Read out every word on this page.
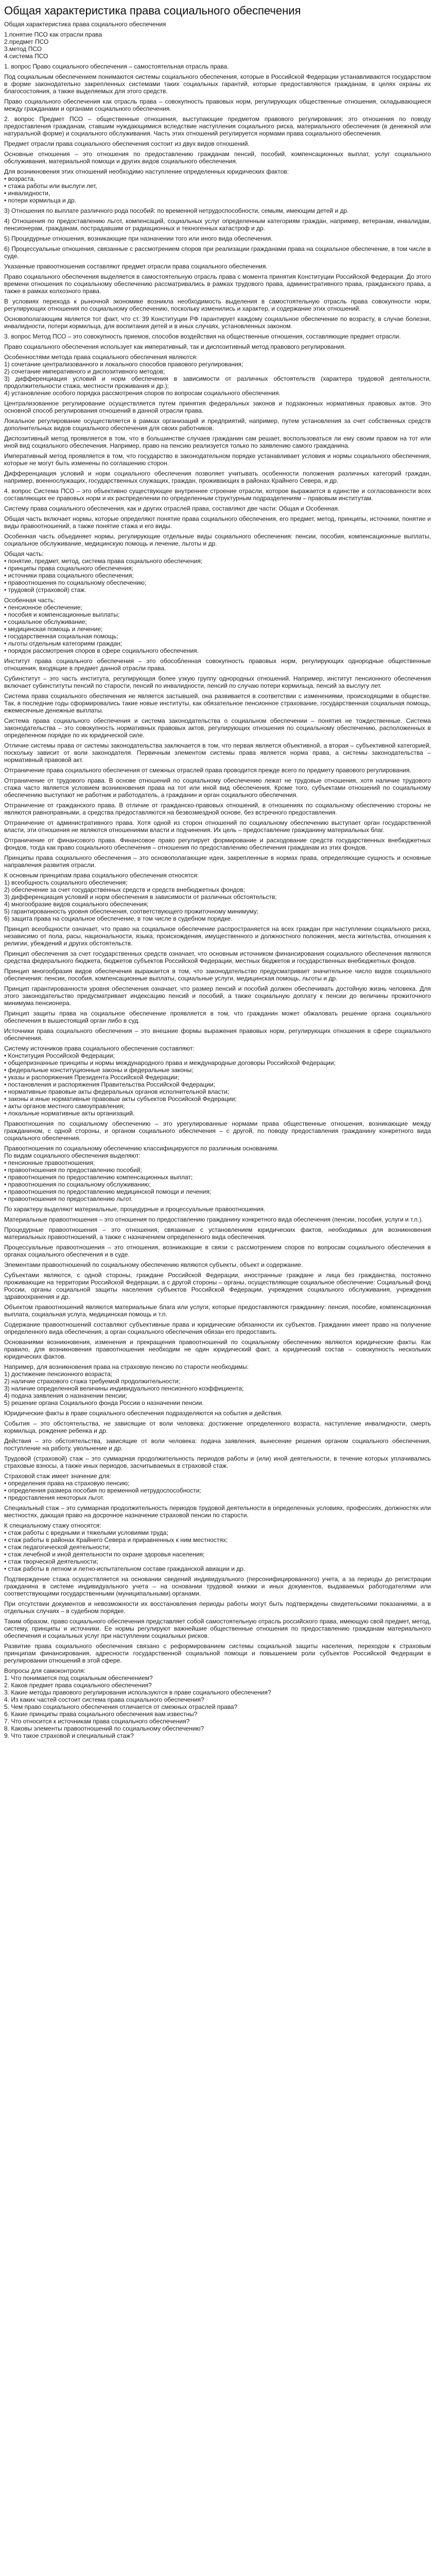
Общая характеристика права социального обеспечения

Общая характеристика права социального обеспечения

1.понятие ПСО как отрасли права
2.предмет ПСО
3.метод ПСО
4.система ПСО

1. вопрос Право социального обеспечения – самостоятельная отрасль права.

Под социальным обеспечением понимаются системы социального обеспечения, которые в Российской Федерации устанавливаются государством в форме законодательно закрепленных системами таких социальных гарантий, которые предоставляются гражданам, в целях охраны их благосостояния, а также выделяемых для этого средств.

Право социального обеспечения как отрасль права – совокупность правовых норм, регулирующих общественные отношения, складывающиеся между гражданами и органами социального обеспечения.

2. вопрос Предмет ПСО – общественные отношения, выступающие предметом правового регулирования; это отношения по поводу предоставления гражданам, ставшим нуждающимися вследствие наступления социального риска, материального обеспечения (в денежной или натуральной форме) и социального обслуживания. Часть этих отношений регулируется нормами права социального обеспечения.

Предмет отрасли права социального обеспечения состоит из двух видов отношений.

Основные отношения – это отношения по предоставлению гражданам пенсий, пособий, компенсационных выплат, услуг социального обслуживания, материальной помощи и других видов социального обеспечения.

Для возникновения этих отношений необходимо наступление определенных юридических фактов:
• возраста,
• стажа работы или выслуги лет,
• инвалидности,
• потери кормильца и др.

3) Отношения по выплате различного рода пособий: по временной нетрудоспособности, семьям, имеющим детей и др.

4) Отношения по предоставлению льгот, компенсаций, социальных услуг определенным категориям граждан, например, ветеранам, инвалидам, пенсионерам, гражданам, пострадавшим от радиационных и техногенных катастроф и др.

5) Процедурные отношения, возникающие при назначении того или иного вида обеспечения.

6) Процессуальные отношения, связанные с рассмотрением споров при реализации гражданами права на социальное обеспечение, в том числе в суде.

Указанные правоотношения составляют предмет отрасли права социального обеспечения.

Право социального обеспечения выделяется в самостоятельную отрасль права с момента принятия Конституции Российской Федерации. До этого времени отношения по социальному обеспечению рассматривались в рамках трудового права, административного права, гражданского права, а также в рамках колхозного права.

В условиях перехода к рыночной экономике возникла необходимость выделения в самостоятельную отрасль права совокупности норм, регулирующих отношения по социальному обеспечению, поскольку изменились и характер, и содержание этих отношений.

Основополагающим является тот факт, что ст. 39 Конституции РФ гарантирует каждому социальное обеспечение по возрасту, в случае болезни, инвалидности, потери кормильца, для воспитания детей и в иных случаях, установленных законом.

3. вопрос Метод ПСО – это совокупность приемов, способов воздействия на общественные отношения, составляющие предмет отрасли.

Право социального обеспечения использует как императивный, так и диспозитивный метод правового регулирования.

Особенностями метода права социального обеспечения являются:
1) сочетание централизованного и локального способов правового регулирования;
2) сочетание императивного и диспозитивного методов;
3) дифференциация условий и норм обеспечения в зависимости от различных обстоятельств (характера трудовой деятельности, продолжительности стажа, местности проживания и др.);
4) установление особого порядка рассмотрения споров по вопросам социального обеспечения.

Централизованное регулирование осуществляется путем принятия федеральных законов и подзаконных нормативных правовых актов. Это основной способ регулирования отношений в данной отрасли права.

Локальное регулирование осуществляется в рамках организаций и предприятий, например, путем установления за счет собственных средств дополнительных видов социального обеспечения для своих работников.

Диспозитивный метод проявляется в том, что в большинстве случаев гражданин сам решает, воспользоваться ли ему своим правом на тот или иной вид социального обеспечения. Например, право на пенсию реализуется только по заявлению самого гражданина.

Императивный метод проявляется в том, что государство в законодательном порядке устанавливает условия и нормы социального обеспечения, которые не могут быть изменены по соглашению сторон.

Дифференциация условий и норм социального обеспечения позволяет учитывать особенности положения различных категорий граждан, например, военнослужащих, государственных служащих, граждан, проживающих в районах Крайнего Севера, и др.

4. вопрос Система ПСО – это объективно существующее внутреннее строение отрасли, которое выражается в единстве и согласованности всех составляющих ее правовых норм и их распределении по определенным структурным подразделениям – правовым институтам.

Систему права социального обеспечения, как и других отраслей права, составляют две части: Общая и Особенная.

Общая часть включает нормы, которые определяют понятие права социального обеспечения, его предмет, метод, принципы, источники, понятие и виды правоотношений, а также понятие стажа и его виды.

Особенная часть объединяет нормы, регулирующие отдельные виды социального обеспечения: пенсии, пособия, компенсационные выплаты, социальное обслуживание, медицинскую помощь и лечение, льготы и др.

Общая часть:
• понятие, предмет, метод, система права социального обеспечения;
• принципы права социального обеспечения;
• источники права социального обеспечения;
• правоотношения по социальному обеспечению;
• трудовой (страховой) стаж.

Особенная часть:
• пенсионное обеспечение;
• пособия и компенсационные выплаты;
• социальное обслуживание;
• медицинская помощь и лечение;
• государственная социальная помощь;
• льготы отдельным категориям граждан;
• порядок рассмотрения споров в сфере социального обеспечения.

Институт права социального обеспечения – это обособленная совокупность правовых норм, регулирующих однородные общественные отношения, входящие в предмет данной отрасли права.

Субинститут – это часть института, регулирующая более узкую группу однородных отношений. Например, институт пенсионного обеспечения включает субинституты пенсий по старости, пенсий по инвалидности, пенсий по случаю потери кормильца, пенсий за выслугу лет.

Система права социального обеспечения не является застывшей, она развивается в соответствии с изменениями, происходящими в обществе. Так, в последние годы сформировались такие новые институты, как обязательное пенсионное страхование, государственная социальная помощь, ежемесячные денежные выплаты.

Система права социального обеспечения и система законодательства о социальном обеспечении – понятия не тождественные. Система законодательства – это совокупность нормативных правовых актов, регулирующих отношения по социальному обеспечению, расположенных в определенном порядке по их юридической силе.

Отличие системы права от системы законодательства заключается в том, что первая является объективной, а вторая – субъективной категорией, поскольку зависит от воли законодателя. Первичным элементом системы права является норма права, а системы законодательства – нормативный правовой акт.

Отграничение права социального обеспечения от смежных отраслей права проводится прежде всего по предмету правового регулирования.

Отграничение от трудового права. В основе отношений по социальному обеспечению лежат не трудовые отношения, хотя наличие трудового стажа часто является условием возникновения права на тот или иной вид обеспечения. Кроме того, субъектами отношений по социальному обеспечению выступают не работник и работодатель, а гражданин и орган социального обеспечения.

Отграничение от гражданского права. В отличие от гражданско-правовых отношений, в отношениях по социальному обеспечению стороны не являются равноправными, а средства предоставляются на безвозмездной основе, без встречного предоставления.

Отграничение от административного права. Хотя одной из сторон отношений по социальному обеспечению выступает орган государственной власти, эти отношения не являются отношениями власти и подчинения. Их цель – предоставление гражданину материальных благ.

Отграничение от финансового права. Финансовое право регулирует формирование и расходование средств государственных внебюджетных фондов, тогда как право социального обеспечения – отношения по предоставлению обеспечения гражданам из этих фондов.

Принципы права социального обеспечения – это основополагающие идеи, закрепленные в нормах права, определяющие сущность и основные направления развития отрасли.

К основным принципам права социального обеспечения относятся:
1) всеобщность социального обеспечения;
2) обеспечение за счет государственных средств и средств внебюджетных фондов;
3) дифференциация условий и норм обеспечения в зависимости от различных обстоятельств;
4) многообразие видов социального обеспечения;
5) гарантированность уровня обеспечения, соответствующего прожиточному минимуму;
6) защита права на социальное обеспечение, в том числе в судебном порядке.

Принцип всеобщности означает, что право на социальное обеспечение распространяется на всех граждан при наступлении социального риска, независимо от пола, расы, национальности, языка, происхождения, имущественного и должностного положения, места жительства, отношения к религии, убеждений и других обстоятельств.

Принцип обеспечения за счет государственных средств означает, что основным источником финансирования социального обеспечения являются средства федерального бюджета, бюджетов субъектов Российской Федерации, местных бюджетов и государственных внебюджетных фондов.

Принцип многообразия видов обеспечения выражается в том, что законодательство предусматривает значительное число видов социального обеспечения: пенсии, пособия, компенсационные выплаты, социальные услуги, медицинская помощь, льготы и др.

Принцип гарантированности уровня обеспечения означает, что размер пенсий и пособий должен обеспечивать достойную жизнь человека. Для этого законодательство предусматривает индексацию пенсий и пособий, а также социальную доплату к пенсии до величины прожиточного минимума пенсионера.

Принцип защиты права на социальное обеспечение проявляется в том, что гражданин может обжаловать решение органа социального обеспечения в вышестоящий орган либо в суд.

Источники права социального обеспечения – это внешние формы выражения правовых норм, регулирующих отношения в сфере социального обеспечения.

Систему источников права социального обеспечения составляют:
• Конституция Российской Федерации;
• общепризнанные принципы и нормы международного права и международные договоры Российской Федерации;
• федеральные конституционные законы и федеральные законы;
• указы и распоряжения Президента Российской Федерации;
• постановления и распоряжения Правительства Российской Федерации;
• нормативные правовые акты федеральных органов исполнительной власти;
• законы и иные нормативные правовые акты субъектов Российской Федерации;
• акты органов местного самоуправления;
• локальные нормативные акты организаций.

Правоотношения по социальному обеспечению – это урегулированные нормами права общественные отношения, возникающие между гражданином, с одной стороны, и органом социального обеспечения – с другой, по поводу предоставления гражданину конкретного вида социального обеспечения.

Правоотношения по социальному обеспечению классифицируются по различным основаниям.
По видам социального обеспечения выделяют:
• пенсионные правоотношения;
• правоотношения по предоставлению пособий;
• правоотношения по предоставлению компенсационных выплат;
• правоотношения по социальному обслуживанию;
• правоотношения по предоставлению медицинской помощи и лечения;
• правоотношения по предоставлению льгот.

По характеру выделяют материальные, процедурные и процессуальные правоотношения.

Материальные правоотношения – это отношения по предоставлению гражданину конкретного вида обеспечения (пенсии, пособия, услуги и т.п.).

Процедурные правоотношения – это отношения, связанные с установлением юридических фактов, необходимых для возникновения материальных правоотношений, а также с назначением определенного вида обеспечения.

Процессуальные правоотношения – это отношения, возникающие в связи с рассмотрением споров по вопросам социального обеспечения в органах социального обеспечения и в суде.

Элементами правоотношений по социальному обеспечению являются субъекты, объект и содержание.

Субъектами являются, с одной стороны, граждане Российской Федерации, иностранные граждане и лица без гражданства, постоянно проживающие на территории Российской Федерации, а с другой стороны – органы, осуществляющие социальное обеспечение: Социальный фонд России, органы социальной защиты населения субъектов Российской Федерации, учреждения социального обслуживания, учреждения здравоохранения и др.

Объектом правоотношений являются материальные блага или услуги, которые предоставляются гражданину: пенсия, пособие, компенсационная выплата, социальная услуга, медицинская помощь и т.п.

Содержание правоотношений составляют субъективные права и юридические обязанности их субъектов. Гражданин имеет право на получение определенного вида обеспечения, а орган социального обеспечения обязан его предоставить.

Основаниями возникновения, изменения и прекращения правоотношений по социальному обеспечению являются юридические факты. Как правило, для возникновения правоотношения необходим не один юридический факт, а юридический состав – совокупность нескольких юридических фактов.

Например, для возникновения права на страховую пенсию по старости необходимы:
1) достижение пенсионного возраста;
2) наличие страхового стажа требуемой продолжительности;
3) наличие определенной величины индивидуального пенсионного коэффициента;
4) подача заявления о назначении пенсии;
5) решение органа Социального фонда России о назначении пенсии.

Юридические факты в праве социального обеспечения подразделяются на события и действия.

События – это обстоятельства, не зависящие от воли человека: достижение определенного возраста, наступление инвалидности, смерть кормильца, рождение ребенка и др.

Действия – это обстоятельства, зависящие от воли человека: подача заявления, вынесение решения органом социального обеспечения, поступление на работу, увольнение и др.

Трудовой (страховой) стаж – это суммарная продолжительность периодов работы и (или) иной деятельности, в течение которых уплачивались страховые взносы, а также иных периодов, засчитываемых в страховой стаж.

Страховой стаж имеет значение для:
• определения права на страховую пенсию;
• определения размера пособия по временной нетрудоспособности;
• предоставления некоторых льгот.

Специальный стаж – это суммарная продолжительность периодов трудовой деятельности в определенных условиях, профессиях, должностях или местностях, дающая право на досрочное назначение страховой пенсии по старости.

К специальному стажу относятся:
• стаж работы с вредными и тяжелыми условиями труда;
• стаж работы в районах Крайнего Севера и приравненных к ним местностях;
• стаж педагогической деятельности;
• стаж лечебной и иной деятельности по охране здоровья населения;
• стаж творческой деятельности;
• стаж работы в летном и летно-испытательном составе гражданской авиации и др.

Подтверждение стажа осуществляется на основании сведений индивидуального (персонифицированного) учета, а за периоды до регистрации гражданина в системе индивидуального учета – на основании трудовой книжки и иных документов, выдаваемых работодателями или соответствующими государственными (муниципальными) органами.

При отсутствии документов и невозможности их восстановления периоды работы могут быть подтверждены свидетельскими показаниями, а в отдельных случаях – в судебном порядке.

Таким образом, право социального обеспечения представляет собой самостоятельную отрасль российского права, имеющую свой предмет, метод, систему, принципы и источники. Ее нормы регулируют важнейшие общественные отношения по предоставлению гражданам материального обеспечения и социальных услуг при наступлении социальных рисков.

Развитие права социального обеспечения связано с реформированием системы социальной защиты населения, переходом к страховым принципам финансирования, адресности государственной социальной помощи и повышением роли субъектов Российской Федерации в регулировании отношений в этой сфере.

Вопросы для самоконтроля:
1. Что понимается под социальным обеспечением?
2. Каков предмет права социального обеспечения?
3. Какие методы правового регулирования используются в праве социального обеспечения?
4. Из каких частей состоит система права социального обеспечения?
5. Чем право социального обеспечения отличается от смежных отраслей права?
6. Какие принципы права социального обеспечения вам известны?
7. Что относится к источникам права социального обеспечения?
8. Каковы элементы правоотношений по социальному обеспечению?
9. Что такое страховой и специальный стаж?
